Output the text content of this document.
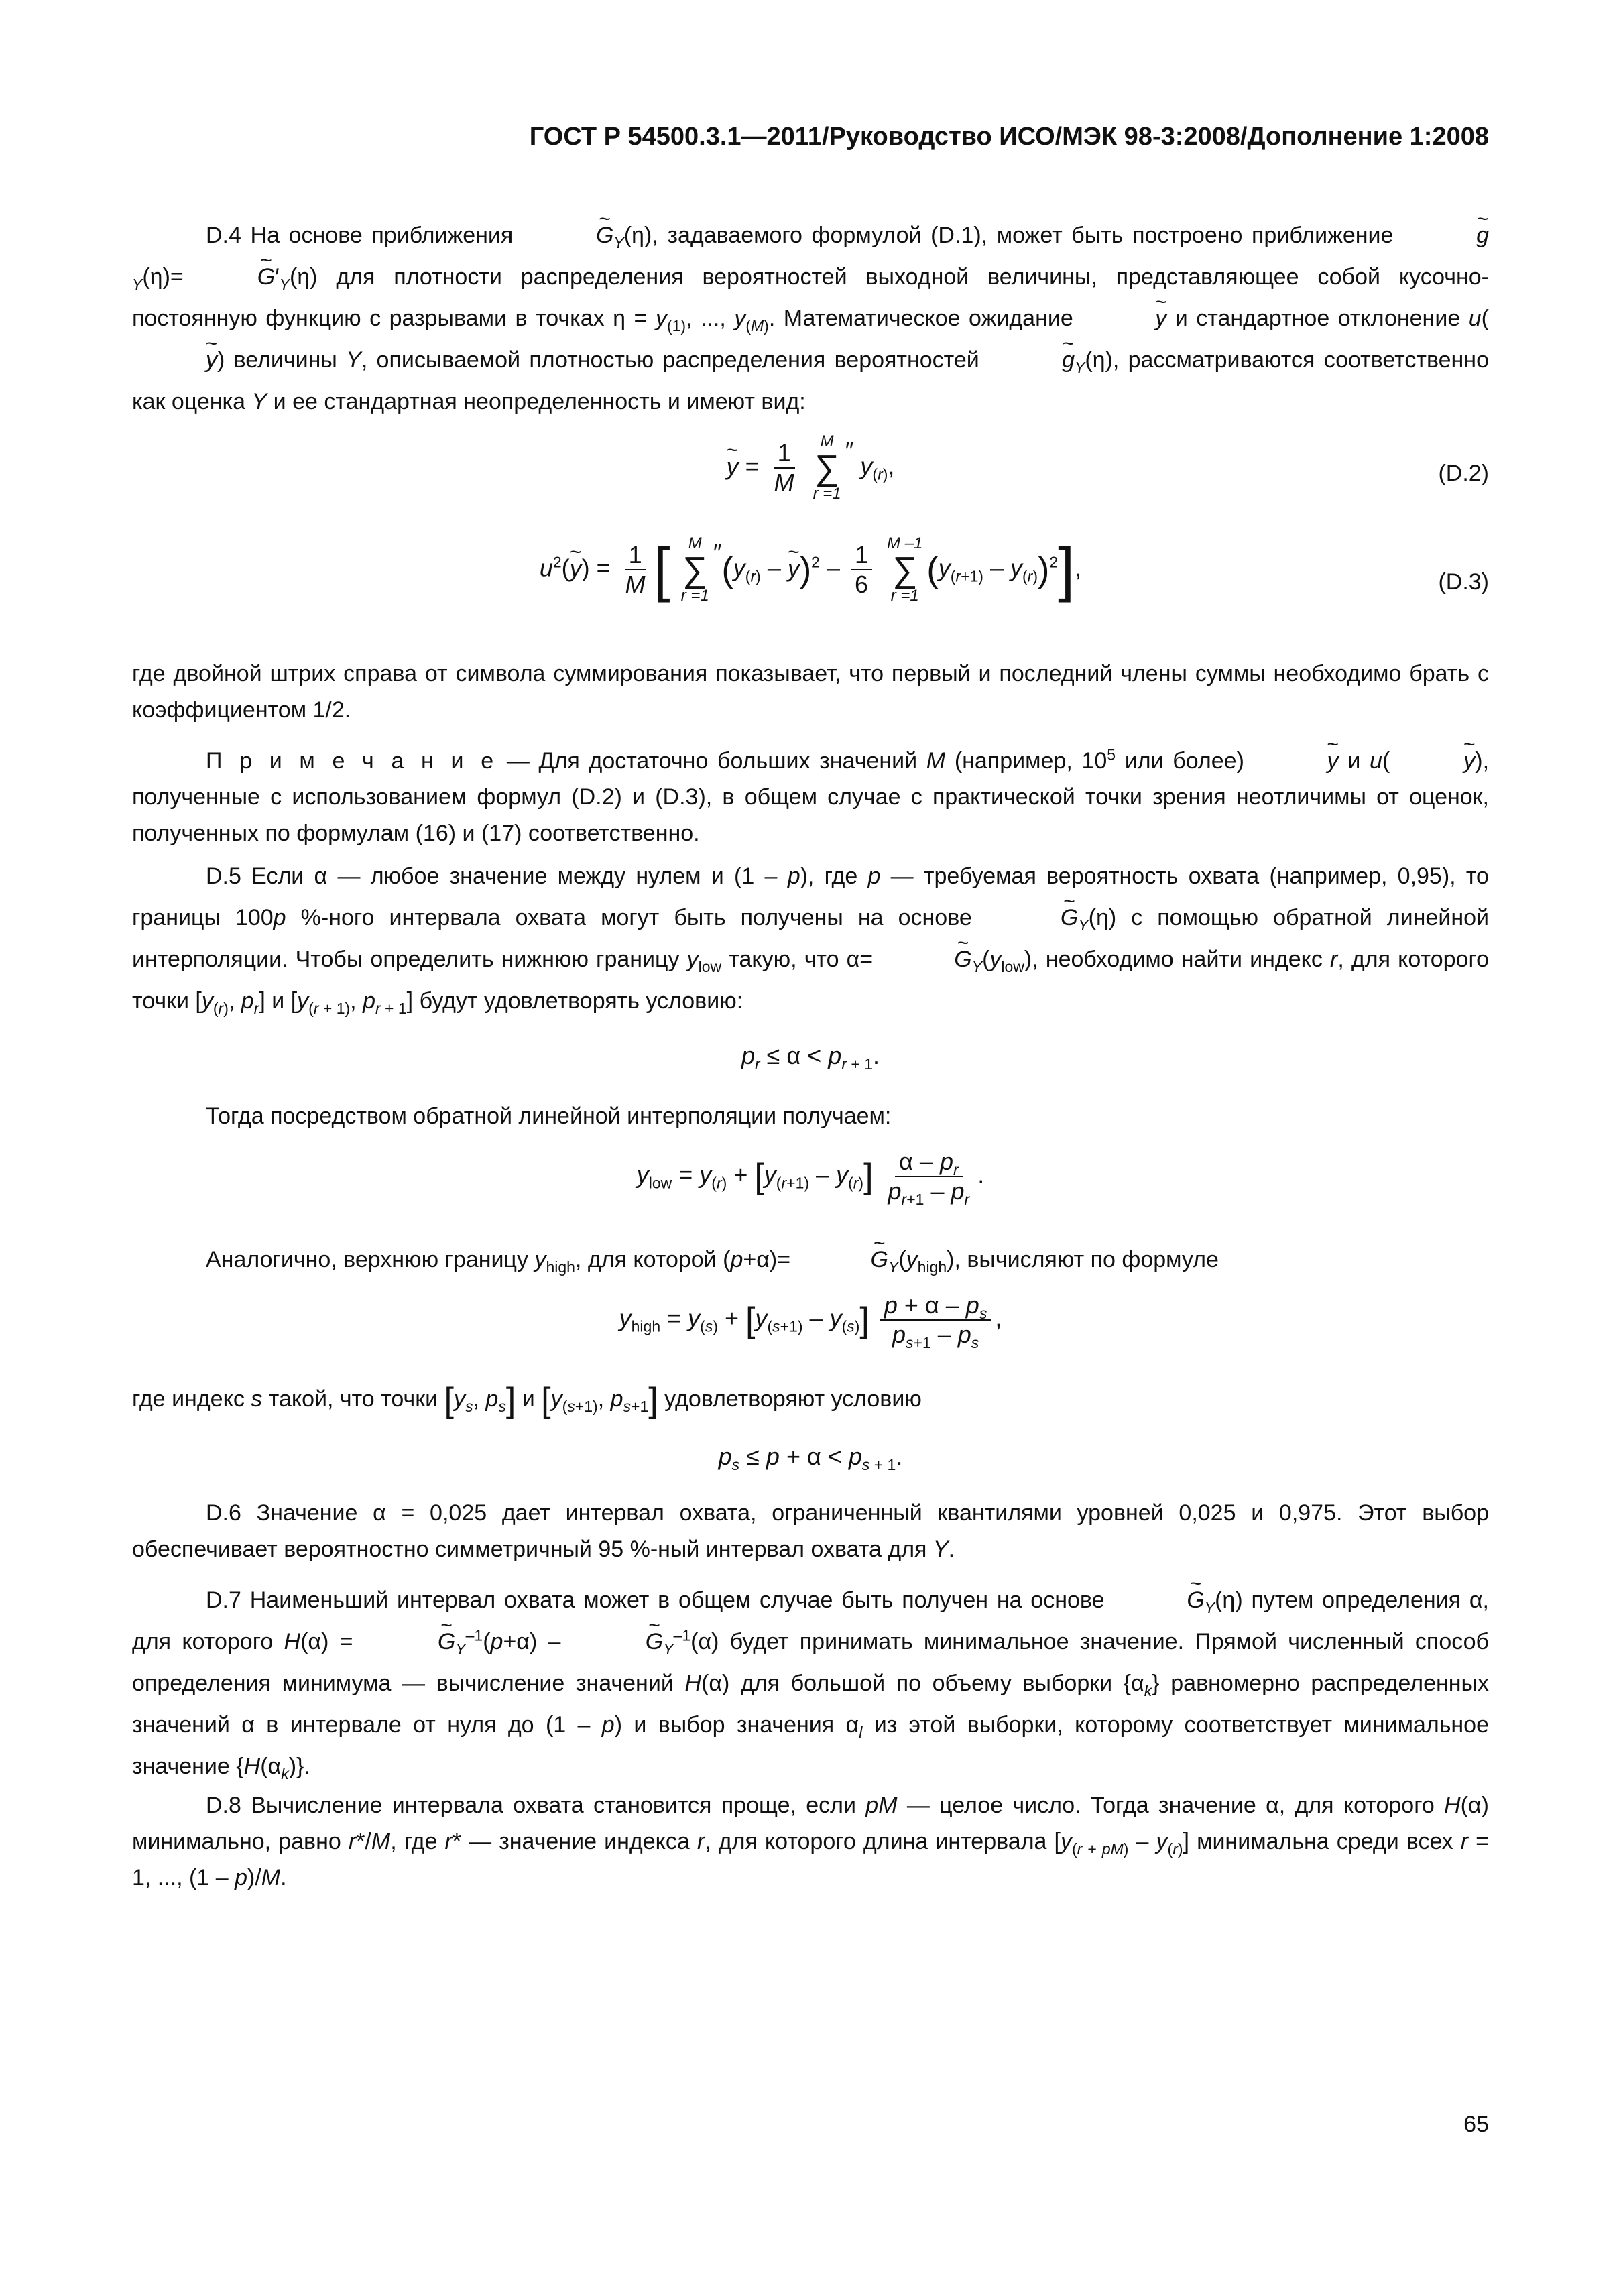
ГОСТ Р 54500.3.1—2011/Руководство ИСО/МЭК 98-3:2008/Дополнение 1:2008

D.4 На основе приближения ~	$G_Y(\eta)$, задаваемого формулой (D.1), может быть построено приближение ~	$g_Y(\eta)=\sim$	$G'_Y(\eta)$ для плотности распределения вероятностей выходной величины, представляющее собой кусочно-постоянную функцию с разрывами в точках $\eta = y_{(1)}$, ..., $y_{(M)}$. Математическое ожидание ~	y и стандартное отклонение u(~ y) величины Y, описываемой плотностью распределения вероятностей ~	$g_Y(\eta)$, рассматриваются соответственно как оценка Y и ее стандартная неопределенность и имеют вид:

~ $y = \frac{1}{M}$
M
∑
r =1
″ $y_{(r)}$,	(D.2)
$u^2(\sim$ $y) = \frac{1}{M}$ [ M
∑
r =1
$''(y_{(r)}$ – ~ $y)^2 - \frac{1}{6}$
M –1
∑
r =1
$(y_{(r+1)} - y_{(r)})^2$],
(D.3)

где двойной штрих справа от символа суммирования показывает, что первый и последний члены суммы необходимо брать с коэффициентом 1/2.

П р и м е ч а н и е — Для достаточно больших значений M (например, $10^5$ или более) ~	y и u(~	y), полученные с использованием формул (D.2) и (D.3), в общем случае с практической точки зрения неотличимы от оценок, полученных по формулам (16) и (17) соответственно.

D.5 Если α — любое значение между нулем и (1 – p), где p — требуемая вероятность охвата (например, 0,95), то границы 100p %-ного интервала охвата могут быть получены на основе ~	$G_Y(\eta)$ с помощью обратной линейной интерполяции. Чтобы определить нижнюю границу $y_{low}$ такую, что α= ~	$G_Y(y_{low})$, необходимо найти индекс r, для которого точки [$y_{(r)}$, $p_r$] и [$y_{(r + 1)}$, $p_{r + 1}$] будут удовлетворять условию:

$p_r \le \alpha < p_{r + 1}$.

Тогда посредством обратной линейной интерполяции получаем:

$y_{low} = y_{(r)} + [y_{(r+1)} - y_{(r)}] \frac{\alpha - p_r}{p_{r+1} - p_r}$ .

Аналогично, верхнюю границу $y_{high}$, для которой (p+α)= ~	$G_Y(y_{high})$, вычисляют по формуле

$y_{high} = y_{(s)} + [y_{(s+1)} - y_{(s)}] \frac{p + \alpha - p_s}{p_{s+1} - p_s}$ ,

где индекс s такой, что точки [$y_s$, $p_s$] и [$y_{(s+1)}$, $p_{s+1}$] удовлетворяют условию

$p_s \le p + \alpha < p_{s + 1}$.

D.6 Значение α = 0,025 дает интервал охвата, ограниченный квантилями уровней 0,025 и 0,975. Этот выбор обеспечивает вероятностно симметричный 95 %-ный интервал охвата для Y.

D.7 Наименьший интервал охвата может в общем случае быть получен на основе ~	$G_Y(\eta)$ путем определения α, для которого H(α) = ~	$G_Y^{-1}(p+\alpha)$ – ~	$G_Y^{-1}(\alpha)$ будет принимать минимальное значение. Прямой численный способ определения минимума — вычисление значений H(α) для большой по объему выборки $\{\alpha_k\}$ равномерно распределенных значений α в интервале от нуля до (1 – p) и выбор значения $\alpha_l$ из этой выборки, которому соответствует минимальное значение $\{H(\alpha_k)\}$.

D.8 Вычисление интервала охвата становится проще, если pM — целое число. Тогда значение α, для которого H(α) минимально, равно r*/M, где r* — значение индекса r, для которого длина интервала $[y_{(r + pM)} - y_{(r)}]$ минимальна среди всех r = 1, ..., (1 – p)/M.

65
